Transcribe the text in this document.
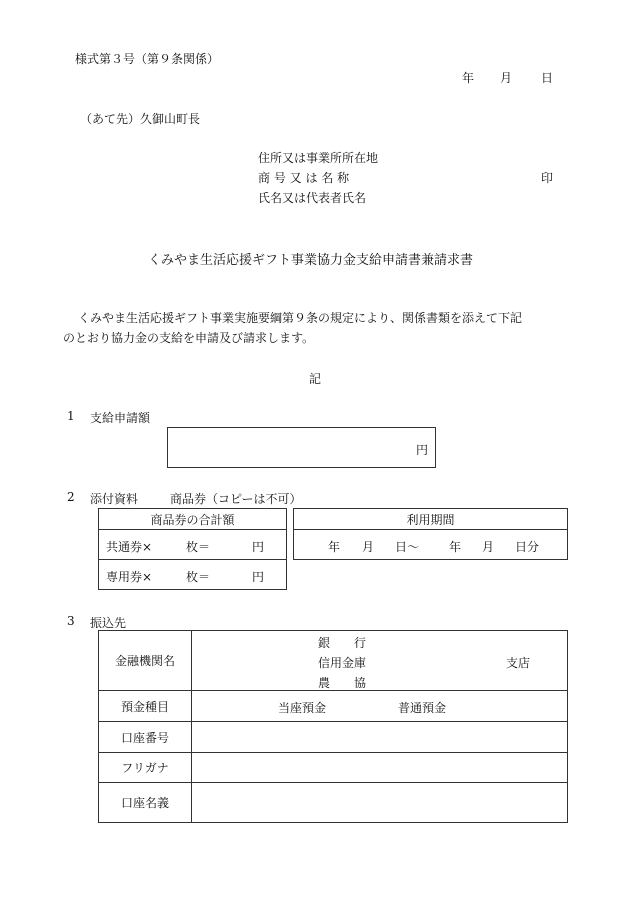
様式第３号（第９条関係）
年 月 日
（あて先）久御山町長
住所又は事業所所在地
商 号 又 は 名 称	印
氏名又は代表者氏名
くみやま生活応援ギフト事業協力金支給申請書兼請求書
くみやま生活応援ギフト事業実施要綱第９条の規定により、関係書類を添えて下記
のとおり協力金の支給を申請及び請求します。
記
1 支給申請額
円
2 添付資料	商品券（コピーは不可）
商品券の合計額

共通券×	枚＝	円

専用券×	枚＝	円
利用期間

年 月 日〜 年 月 日分
3 振込先
金融機関名	銀　　行
信用金庫
農　　協
支店

預金種目	当座預金 普通預金

口座番号	
フリガナ	
口座名義	
